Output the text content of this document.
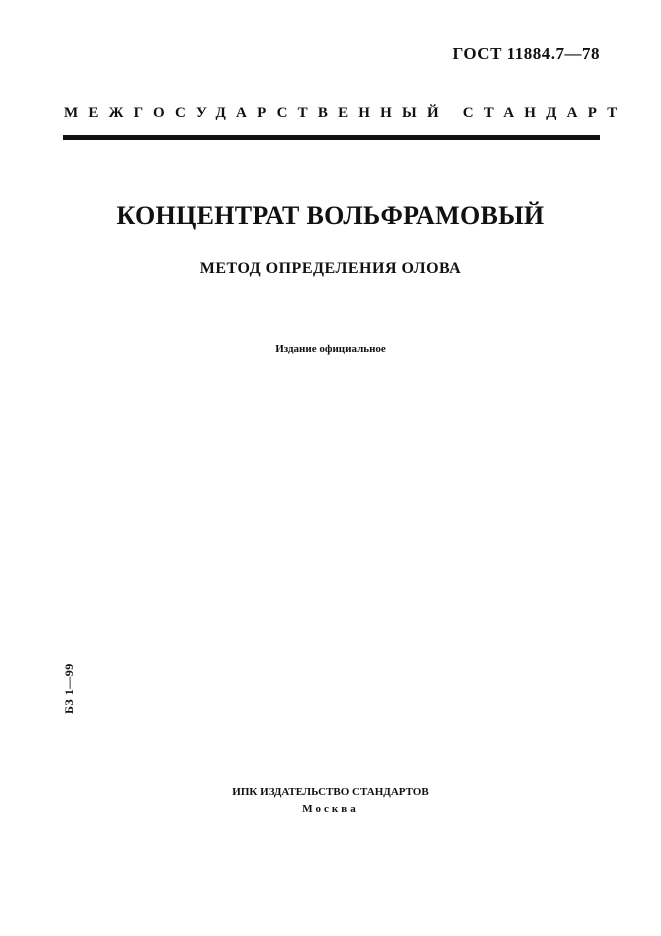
ГОСТ 11884.7—78
МЕЖГОСУДАРСТВЕННЫЙ СТАНДАРТ
КОНЦЕНТРАТ ВОЛЬФРАМОВЫЙ
МЕТОД ОПРЕДЕЛЕНИЯ ОЛОВА
Издание официальное
БЗ 1—99
ИПК ИЗДАТЕЛЬСТВО СТАНДАРТОВ
Москва
